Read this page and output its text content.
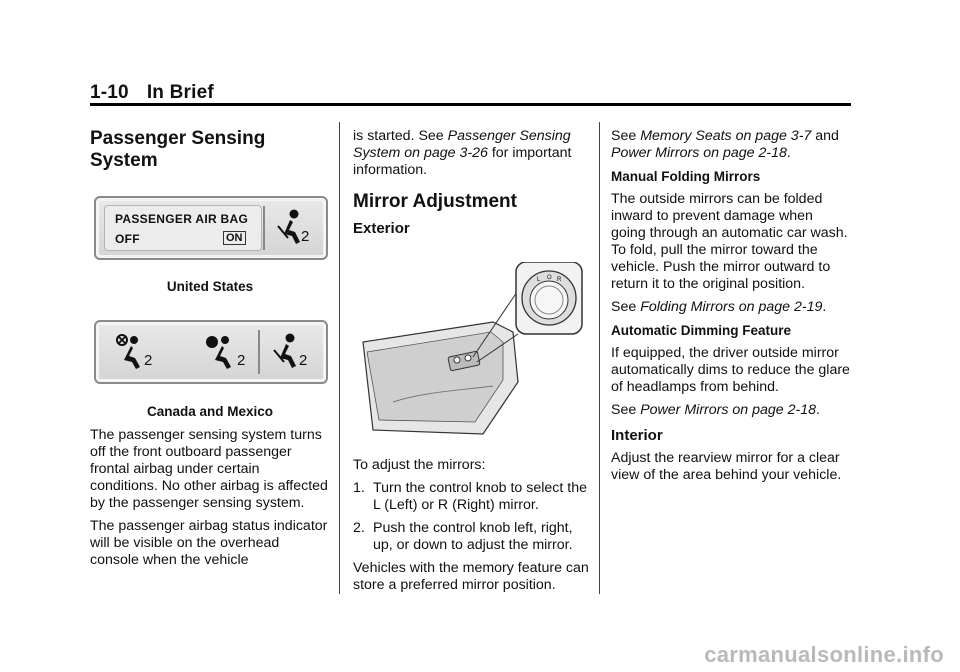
1-10 In Brief
Passenger Sensing System
PASSENGER AIR BAG
OFF	ON	2
United States
2	2	2
Canada and Mexico

The passenger sensing system turns off the front outboard passenger frontal airbag under certain conditions. No other airbag is affected by the passenger sensing system.

The passenger airbag status indicator will be visible on the overhead console when the vehicle

is started. See Passenger Sensing System on page 3-26 for important information.

Mirror Adjustment
Exterior
L O R

To adjust the mirrors:

1. Turn the control knob to select the L (Left) or R (Right) mirror.
2. Push the control knob left, right, up, or down to adjust the mirror.

Vehicles with the memory feature can store a preferred mirror position.

See Memory Seats on page 3-7 and Power Mirrors on page 2-18.

Manual Folding Mirrors

The outside mirrors can be folded inward to prevent damage when going through an automatic car wash. To fold, pull the mirror toward the vehicle. Push the mirror outward to return it to the original position.

See Folding Mirrors on page 2-19.

Automatic Dimming Feature

If equipped, the driver outside mirror automatically dims to reduce the glare of headlamps from behind.

See Power Mirrors on page 2-18.

Interior

Adjust the rearview mirror for a clear view of the area behind your vehicle.

carmanualsonline.info
